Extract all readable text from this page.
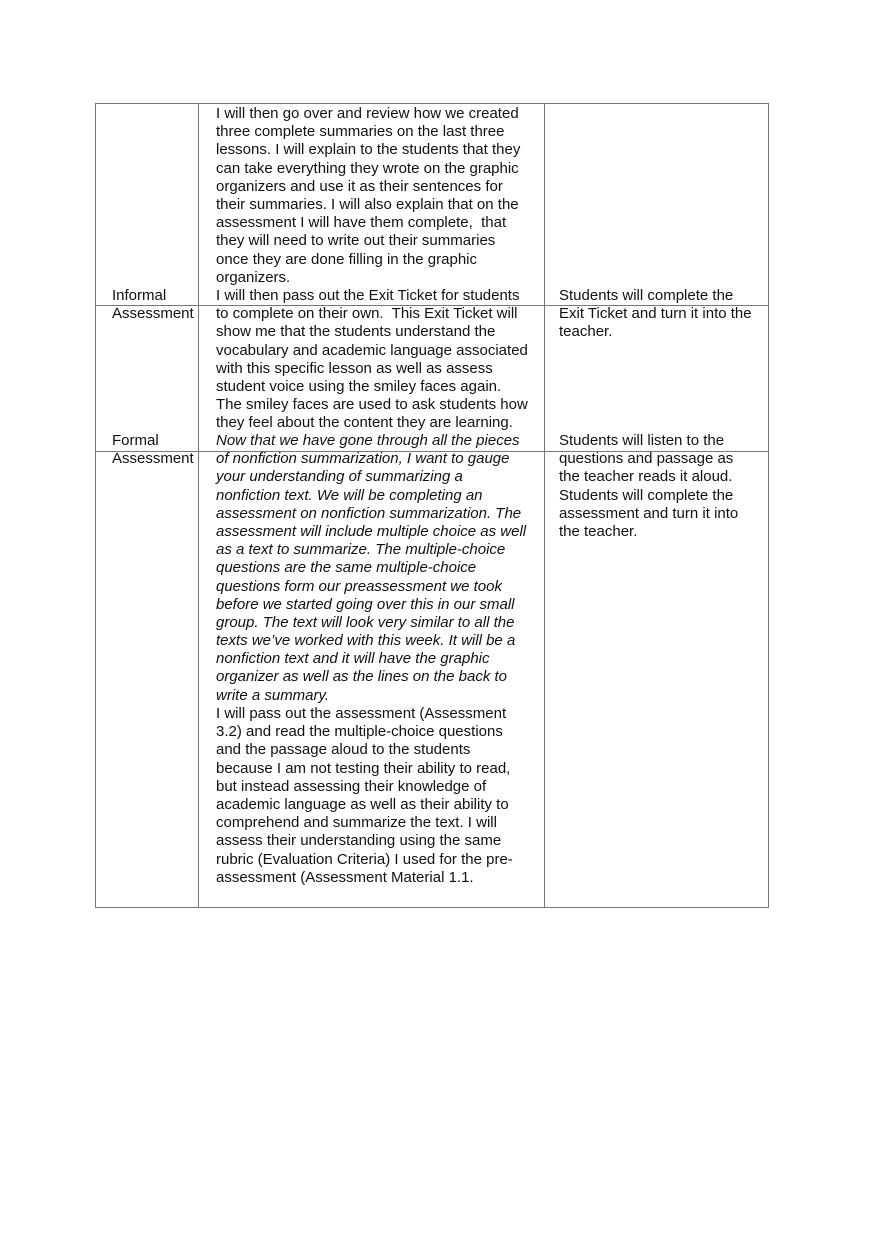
Informal
Assessment
Formal
Assessment
I will then go over and review how we created
three complete summaries on the last three
lessons. I will explain to the students that they
can take everything they wrote on the graphic
organizers and use it as their sentences for
their summaries. I will also explain that on the
assessment I will have them complete,  that
they will need to write out their summaries
once they are done filling in the graphic
organizers.
I will then pass out the Exit Ticket for students
to complete on their own.  This Exit Ticket will
show me that the students understand the
vocabulary and academic language associated
with this specific lesson as well as assess
student voice using the smiley faces again.
The smiley faces are used to ask students how
they feel about the content they are learning.
Now that we have gone through all the pieces
of nonfiction summarization, I want to gauge
your understanding of summarizing a
nonfiction text. We will be completing an
assessment on nonfiction summarization. The
assessment will include multiple choice as well
as a text to summarize. The multiple-choice
questions are the same multiple-choice
questions form our preassessment we took
before we started going over this in our small
group. The text will look very similar to all the
texts we’ve worked with this week. It will be a
nonfiction text and it will have the graphic
organizer as well as the lines on the back to
write a summary.
I will pass out the assessment (Assessment
3.2) and read the multiple-choice questions
and the passage aloud to the students
because I am not testing their ability to read,
but instead assessing their knowledge of
academic language as well as their ability to
comprehend and summarize the text. I will
assess their understanding using the same
rubric (Evaluation Criteria) I used for the pre-
assessment (Assessment Material 1.1.
Students will complete the
Exit Ticket and turn it into the
teacher.
Students will listen to the
questions and passage as
the teacher reads it aloud.
Students will complete the
assessment and turn it into
the teacher.
